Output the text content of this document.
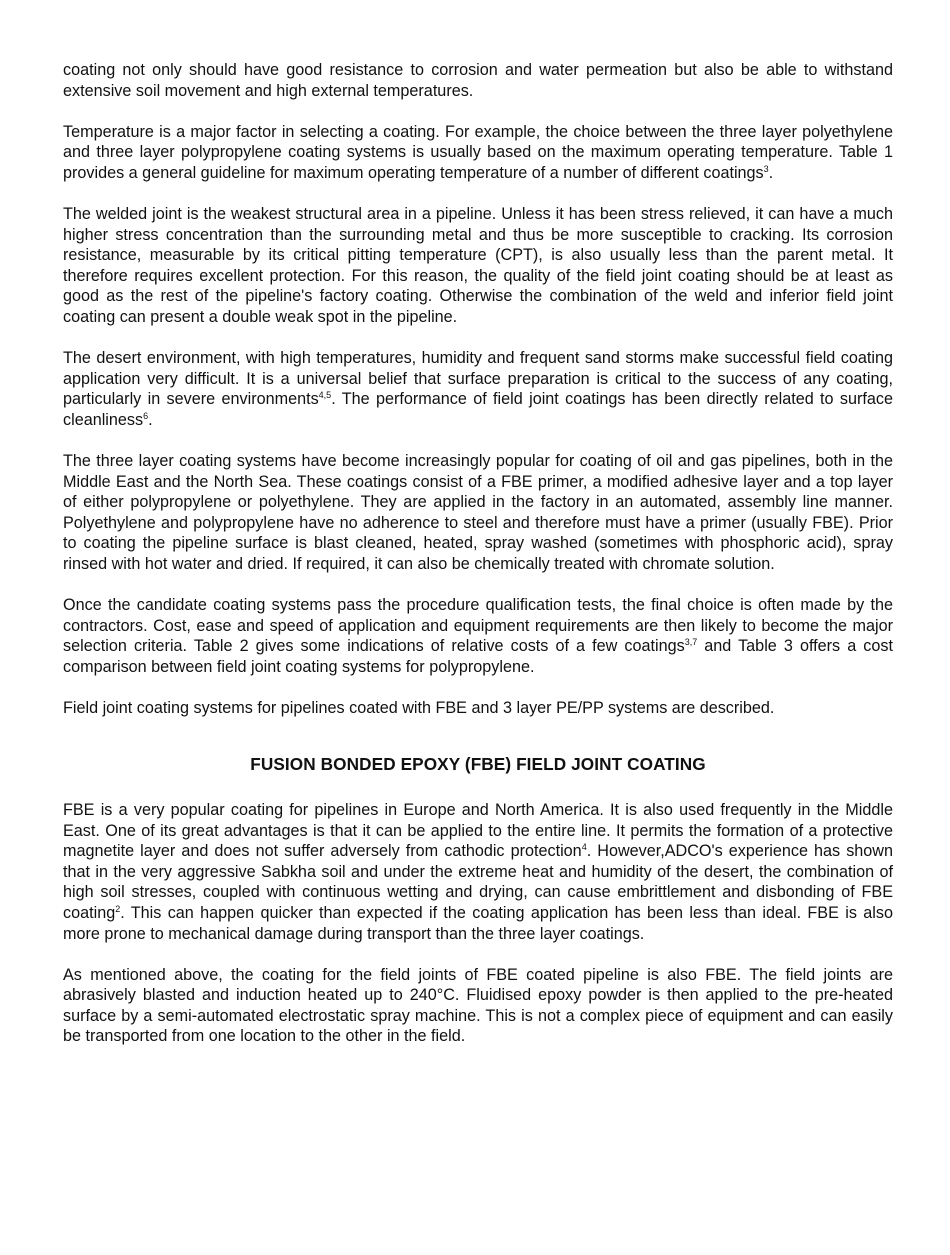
coating not only should have good resistance to corrosion and water permeation but also be able to withstand extensive soil movement and high external temperatures.

Temperature is a major factor in selecting a coating. For example, the choice between the three layer polyethylene and three layer polypropylene coating systems is usually based on the maximum operating temperature. Table 1 provides a general guideline for maximum operating temperature of a number of different coatings$^3$.

The welded joint is the weakest structural area in a pipeline. Unless it has been stress relieved, it can have a much higher stress concentration than the surrounding metal and thus be more susceptible to cracking. Its corrosion resistance, measurable by its critical pitting temperature (CPT), is also usually less than the parent metal. It therefore requires excellent protection. For this reason, the quality of the field joint coating should be at least as good as the rest of the pipeline's factory coating. Otherwise the combination of the weld and inferior field joint coating can present a double weak spot in the pipeline.

The desert environment, with high temperatures, humidity and frequent sand storms make successful field coating application very difficult. It is a universal belief that surface preparation is critical to the success of any coating, particularly in severe environments$^{4,5}$. The performance of field joint coatings has been directly related to surface cleanliness$^6$.

The three layer coating systems have become increasingly popular for coating of oil and gas pipelines, both in the Middle East and the North Sea. These coatings consist of a FBE primer, a modified adhesive layer and a top layer of either polypropylene or polyethylene. They are applied in the factory in an automated, assembly line manner. Polyethylene and polypropylene have no adherence to steel and therefore must have a primer (usually FBE). Prior to coating the pipeline surface is blast cleaned, heated, spray washed (sometimes with phosphoric acid), spray rinsed with hot water and dried. If required, it can also be chemically treated with chromate solution.

Once the candidate coating systems pass the procedure qualification tests, the final choice is often made by the contractors. Cost, ease and speed of application and equipment requirements are then likely to become the major selection criteria. Table 2 gives some indications of relative costs of a few coatings$^{3,7}$ and Table 3 offers a cost comparison between field joint coating systems for polypropylene.

Field joint coating systems for pipelines coated with FBE and 3 layer PE/PP systems are described.

FUSION BONDED EPOXY (FBE) FIELD JOINT COATING

FBE is a very popular coating for pipelines in Europe and North America. It is also used frequently in the Middle East. One of its great advantages is that it can be applied to the entire line. It permits the formation of a protective magnetite layer and does not suffer adversely from cathodic protection$^4$. However,ADCO's experience has shown that in the very aggressive Sabkha soil and under the extreme heat and humidity of the desert, the combination of high soil stresses, coupled with continuous wetting and drying, can cause embrittlement and disbonding of FBE coating$^2$. This can happen quicker than expected if the coating application has been less than ideal. FBE is also more prone to mechanical damage during transport than the three layer coatings.

As mentioned above, the coating for the field joints of FBE coated pipeline is also FBE. The field joints are abrasively blasted and induction heated up to 240°C. Fluidised epoxy powder is then applied to the pre-heated surface by a semi-automated electrostatic spray machine. This is not a complex piece of equipment and can easily be transported from one location to the other in the field.
